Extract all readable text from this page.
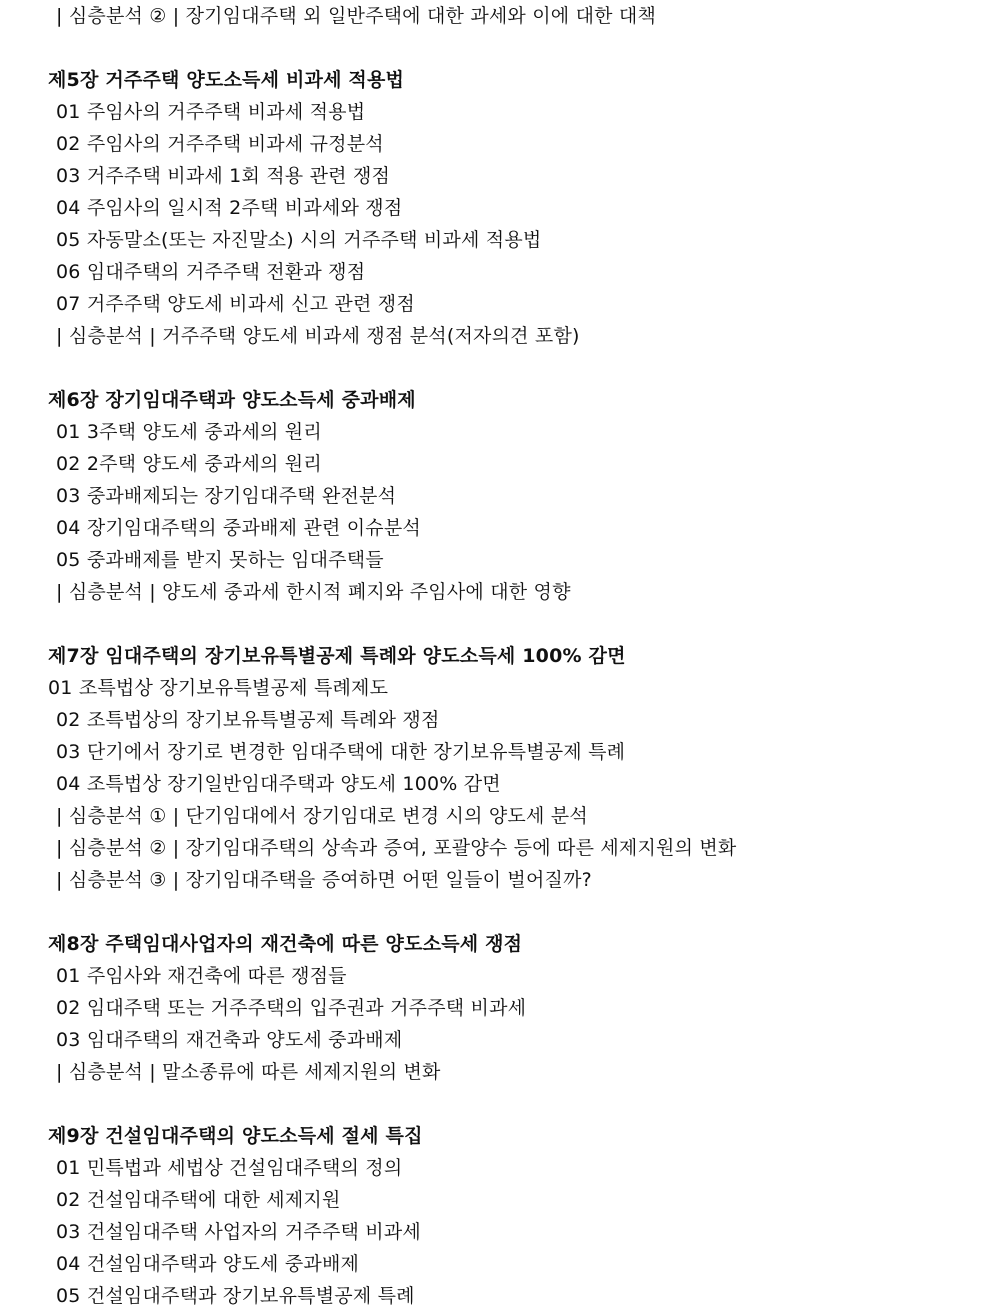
| 심층분석 ② | 장기임대주택 외 일반주택에 대한 과세와 이에 대한 대책
제5장 거주주택 양도소득세 비과세 적용법
01 주임사의 거주주택 비과세 적용법
02 주임사의 거주주택 비과세 규정분석
03 거주주택 비과세 1회 적용 관련 쟁점
04 주임사의 일시적 2주택 비과세와 쟁점
05 자동말소(또는 자진말소) 시의 거주주택 비과세 적용법
06 임대주택의 거주주택 전환과 쟁점
07 거주주택 양도세 비과세 신고 관련 쟁점
| 심층분석 | 거주주택 양도세 비과세 쟁점 분석(저자의견 포함)
제6장 장기임대주택과 양도소득세 중과배제
01 3주택 양도세 중과세의 원리
02 2주택 양도세 중과세의 원리
03 중과배제되는 장기임대주택 완전분석
04 장기임대주택의 중과배제 관련 이슈분석
05 중과배제를 받지 못하는 임대주택들
| 심층분석 | 양도세 중과세 한시적 폐지와 주임사에 대한 영향
제7장 임대주택의 장기보유특별공제 특례와 양도소득세 100% 감면
01 조특법상 장기보유특별공제 특례제도
02 조특법상의 장기보유특별공제 특례와 쟁점
03 단기에서 장기로 변경한 임대주택에 대한 장기보유특별공제 특례
04 조특법상 장기일반임대주택과 양도세 100% 감면
| 심층분석 ① | 단기임대에서 장기임대로 변경 시의 양도세 분석
| 심층분석 ② | 장기임대주택의 상속과 증여, 포괄양수 등에 따른 세제지원의 변화
| 심층분석 ③ | 장기임대주택을 증여하면 어떤 일들이 벌어질까?
제8장 주택임대사업자의 재건축에 따른 양도소득세 쟁점
01 주임사와 재건축에 따른 쟁점들
02 임대주택 또는 거주주택의 입주권과 거주주택 비과세
03 임대주택의 재건축과 양도세 중과배제
| 심층분석 | 말소종류에 따른 세제지원의 변화
제9장 건설임대주택의 양도소득세 절세 특집
01 민특법과 세법상 건설임대주택의 정의
02 건설임대주택에 대한 세제지원
03 건설임대주택 사업자의 거주주택 비과세
04 건설임대주택과 양도세 중과배제
05 건설임대주택과 장기보유특별공제 특례
